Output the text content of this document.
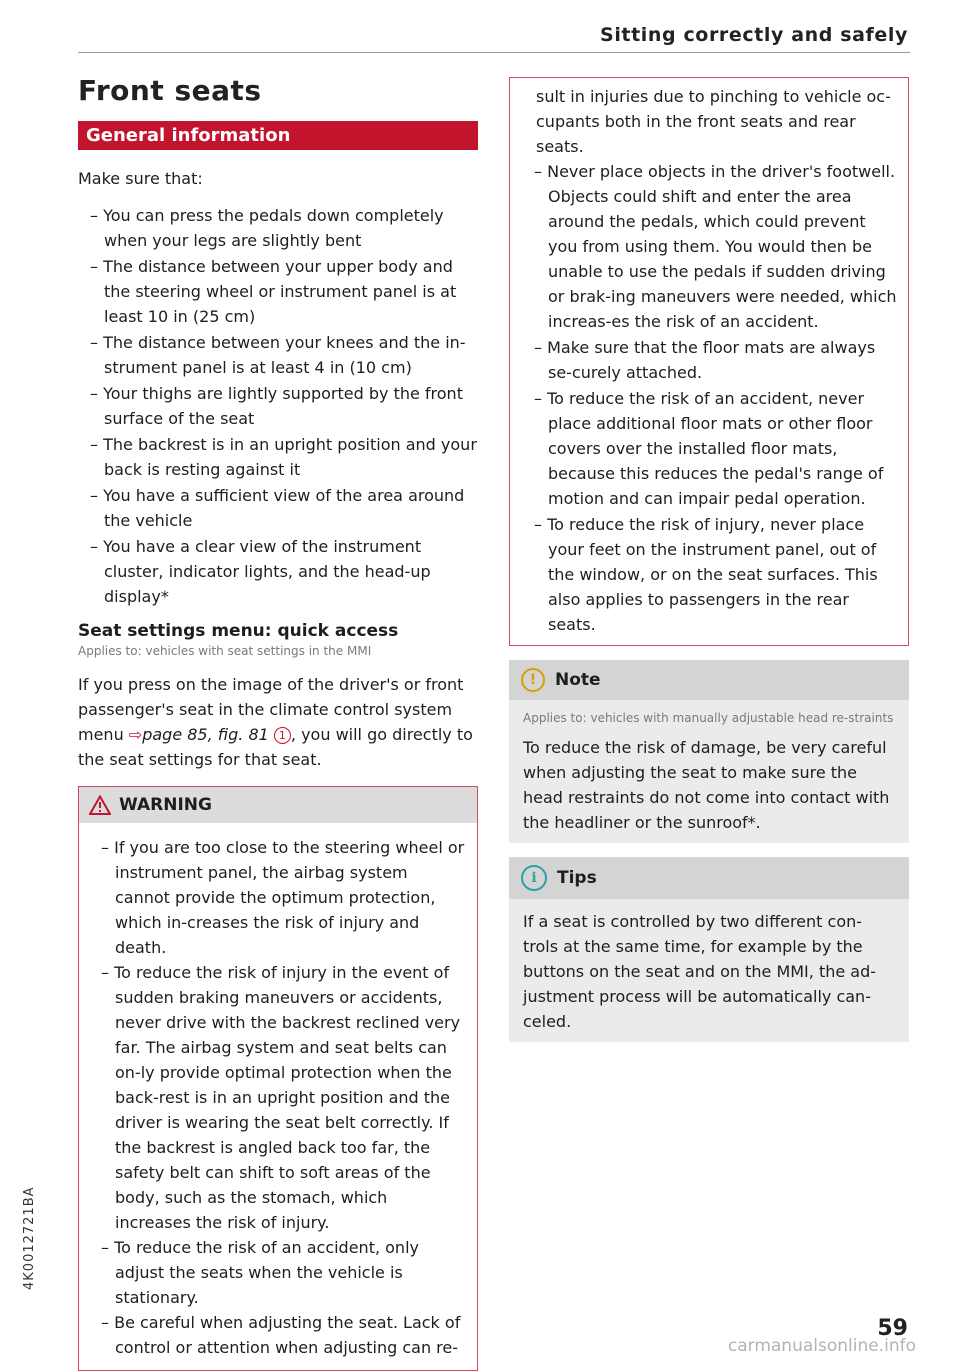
Sitting correctly and safely
Front seats
General information

Make sure that:

– You can press the pedals down completely when your legs are slightly bent
– The distance between your upper body and the steering wheel or instrument panel is at least 10 in (25 cm)
– The distance between your knees and the in-strument panel is at least 4 in (10 cm)
– Your thighs are lightly supported by the front surface of the seat
– The backrest is in an upright position and your back is resting against it
– You have a sufficient view of the area around the vehicle
– You have a clear view of the instrument cluster, indicator lights, and the head-up display*
Seat settings menu: quick access
Applies to: vehicles with seat settings in the MMI

If you press on the image of the driver's or front passenger's seat in the climate control system menu ⇨page 85, fig. 81 1 , you will go directly to the seat settings for that seat.

WARNING
– If you are too close to the steering wheel or instrument panel, the airbag system cannot provide the optimum protection, which in-creases the risk of injury and death.
– To reduce the risk of injury in the event of sudden braking maneuvers or accidents, never drive with the backrest reclined very far. The airbag system and seat belts can on-ly provide optimal protection when the back-rest is in an upright position and the driver is wearing the seat belt correctly. If the backrest is angled back too far, the safety belt can shift to soft areas of the body, such as the stomach, which increases the risk of injury.
– To reduce the risk of an accident, only adjust the seats when the vehicle is stationary.
– Be careful when adjusting the seat. Lack of control or attention when adjusting can re-

sult in injuries due to pinching to vehicle oc-cupants both in the front seats and rear seats.

– Never place objects in the driver's footwell. Objects could shift and enter the area around the pedals, which could prevent you from using them. You would then be unable to use the pedals if sudden driving or brak-ing maneuvers were needed, which increas-es the risk of an accident.
– Make sure that the floor mats are always se-curely attached.
– To reduce the risk of an accident, never place additional floor mats or other floor covers over the installed floor mats, because this reduces the pedal's range of motion and can impair pedal operation.
– To reduce the risk of injury, never place your feet on the instrument panel, out of the window, or on the seat surfaces. This also applies to passengers in the rear seats.
!	Note
Applies to: vehicles with manually adjustable head re-straints

To reduce the risk of damage, be very careful when adjusting the seat to make sure the head restraints do not come into contact with the headliner or the sunroof*.

i	Tips

If a seat is controlled by two different con-trols at the same time, for example by the buttons on the seat and on the MMI, the ad-justment process will be automatically can-celed.

4K0012721BA
59
carmanualsonline.info
